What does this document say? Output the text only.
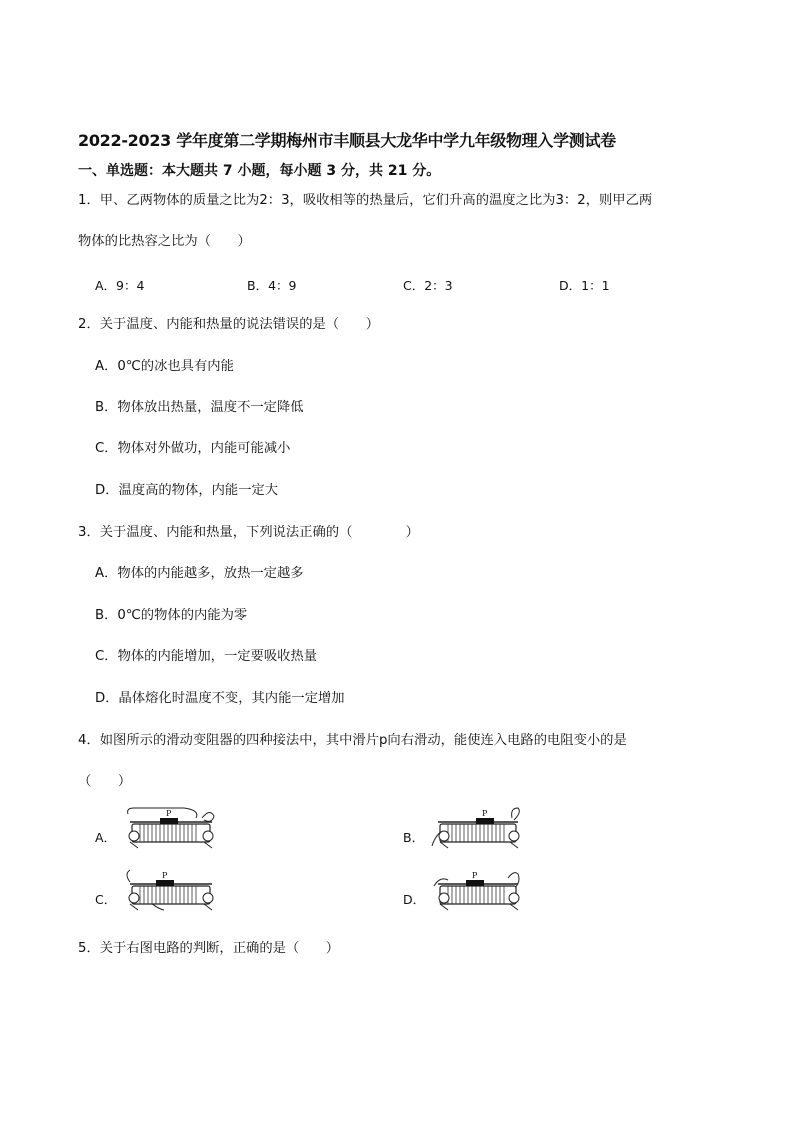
2022-2023 学年度第二学期梅州市丰顺县大龙华中学九年级物理入学测试卷
一、单选题：本大题共 7 小题，每小题 3 分，共 21 分。
1．甲、乙两物体的质量之比为2：3，吸收相等的热量后，它们升高的温度之比为3：2，则甲乙两
物体的比热容之比为（　　）
A．9：4	B．4：9	C．2：3	D．1：1
2．关于温度、内能和热量的说法错误的是（　　）
A．0℃的冰也具有内能
B．物体放出热量，温度不一定降低
C．物体对外做功，内能可能减小
D．温度高的物体，内能一定大
3．关于温度、内能和热量，下列说法正确的（　　　　）
A．物体的内能越多，放热一定越多
B．0℃的物体的内能为零
C．物体的内能增加，一定要吸收热量
D．晶体熔化时温度不变，其内能一定增加
4．如图所示的滑动变阻器的四种接法中，其中滑片p向右滑动，能使连入电路的电阻变小的是
（　　）
A．	B．
C．	D．
P	P
P	P
5．关于右图电路的判断，正确的是（　　）
